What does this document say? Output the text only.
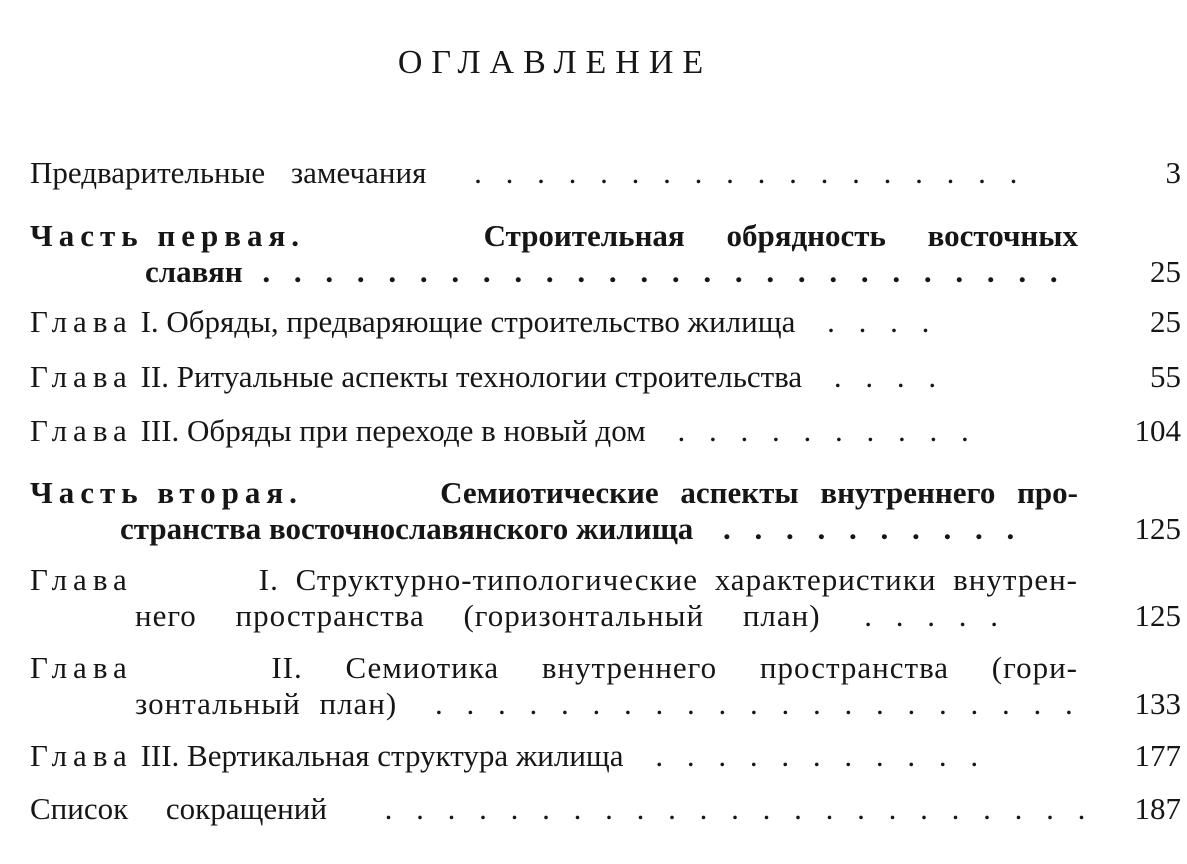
ОГЛАВЛЕНИЕ
Предварительные замечания . . . . . . . . . . . . . . . . . .	3
Часть первая.	Строительная обрядность восточных
славян . . . . . . . . . . . . . . . . . . . . . . . . . .	25
Глава I. Обряды, предваряющие строительство жилища . . . .	25
Глава II. Ритуальные аспекты технологии строительства . . . .	55
Глава III. Обряды при переходе в новый дом . . . . . . . . . .	104
Часть вторая.	Семиотические аспекты внутреннего про-
странства восточнославянского жилища . . . . . . . . . .	125
Глава	I. Структурно-типологические характеристики внутрен-
него пространства (горизонтальный план) . . . . .	125
Глава	II. Семиотика внутреннего пространства (гори-
зонтальный план) . . . . . . . . . . . . . . . . . . . . . 133
Глава III. Вертикальная структура жилища . . . . . . . . . . .	177
Список сокращений . . . . . . . . . . . . . . . . . . . . . . . 187
